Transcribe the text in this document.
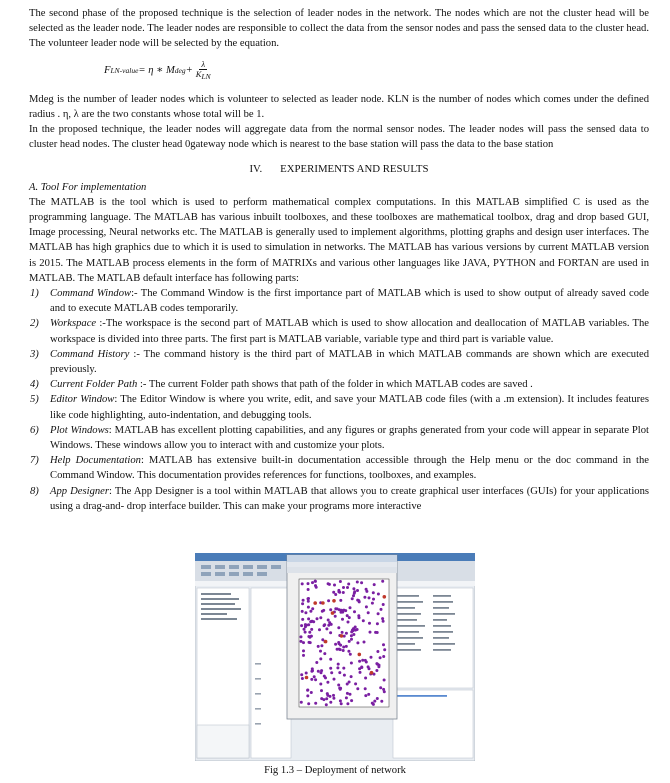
The second phase of the proposed technique is the selection of leader nodes in the network. The nodes which are not the cluster head will be selected as the leader node. The leader nodes are responsible to collect the data from the sensor nodes and pass the sensed data to the cluster head. The volunteer leader node will be selected by the equation.

F LN-value = η ∗ M deg + $\frac{\lambda}{\text{KLN}}$

Mdeg is the number of leader nodes which is volunteer to selected as leader node. KLN is the number of nodes which comes under the defined radius . η, λ are the two constants whose total will be 1.

In the proposed technique, the leader nodes will aggregate data from the normal sensor nodes. The leader nodes will pass the sensed data to cluster head nodes. The cluster head 0gateway node which is nearest to the base station will pass the data to the base station

IV. EXPERIMENTS AND RESULTS

A. Tool For implementation

The MATLAB is the tool which is used to perform mathematical complex computations. In this MATLAB simplified C is used as the programming language. The MATLAB has various inbuilt toolboxes, and these toolboxes are mathematical toolbox, drag and drop based GUI, Image processing, Neural networks etc. The MATLAB is generally used to implement algorithms, plotting graphs and design user interfaces. The MATLAB has high graphics due to which it is used to simulation in networks. The MATLAB has various versions by current MATLAB version is 2015. The MATLAB process elements in the form of MATRIXs and various other languages like JAVA, PYTHON and FORTAN are used in MATLAB. The MATLAB default interface has following parts:

1)	Command Window:- The Command Window is the first importance part of MATLAB which is used to show output of already saved code and to execute MATLAB codes temporarily.
2)	Workspace :-The workspace is the second part of MATLAB which is used to show allocation and deallocation of MATLAB variables. The workspace is divided into three parts. The first part is MATLAB variable, variable type and third part is variable value.
3)	Command History :- The command history is the third part of MATLAB in which MATLAB commands are shown which are executed previously.
4)	Current Folder Path :- The current Folder path shows that path of the folder in which MATLAB codes are saved .
5)	Editor Window: The Editor Window is where you write, edit, and save your MATLAB code files (with a .m extension). It includes features like code highlighting, auto-indentation, and debugging tools.
6)	Plot Windows: MATLAB has excellent plotting capabilities, and any figures or graphs generated from your code will appear in separate Plot Windows. These windows allow you to interact with and customize your plots.
7)	Help Documentation: MATLAB has extensive built-in documentation accessible through the Help menu or the doc command in the Command Window. This documentation provides references for functions, toolboxes, and examples.
8)	App Designer: The App Designer is a tool within MATLAB that allows you to create graphical user interfaces (GUIs) for your applications using a drag-and- drop interface builder. This can make your programs more interactive
Fig 1.3 – Deployment of network
